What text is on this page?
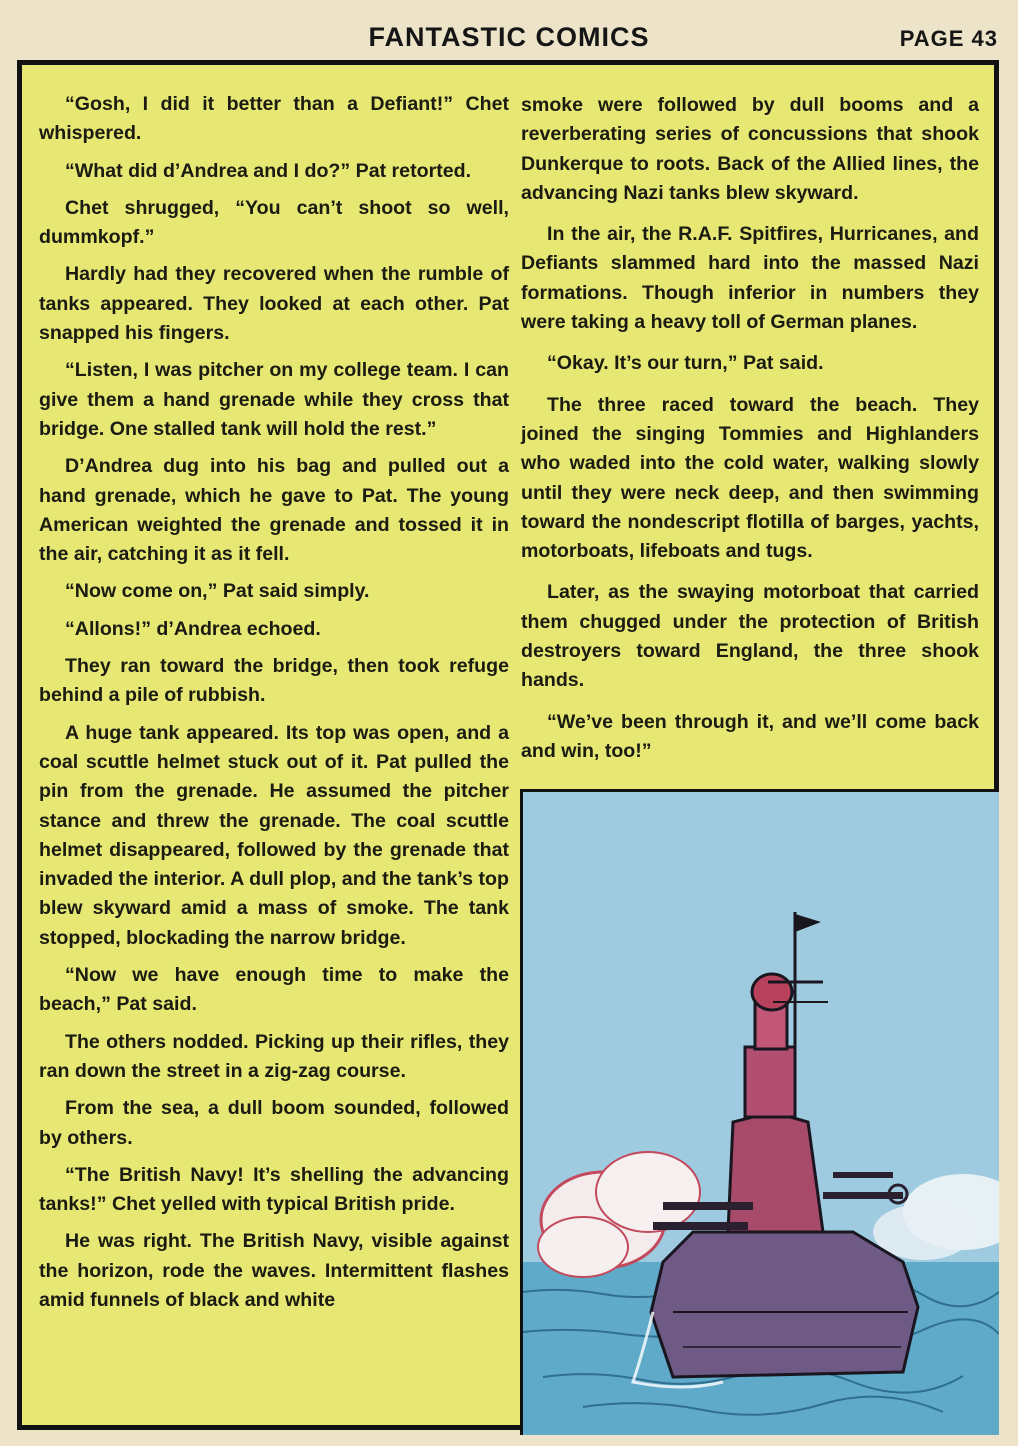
FANTASTIC COMICS	PAGE 43

“Gosh, I did it better than a Defiant!” Chet whispered.

“What did d’Andrea and I do?” Pat retorted.

Chet shrugged, “You can’t shoot so well, dummkopf.”

Hardly had they recovered when the rumble of tanks appeared. They looked at each other. Pat snapped his fingers.

“Listen, I was pitcher on my college team. I can give them a hand grenade while they cross that bridge. One stalled tank will hold the rest.”

D’Andrea dug into his bag and pulled out a hand grenade, which he gave to Pat. The young American weighted the grenade and tossed it in the air, catching it as it fell.

“Now come on,” Pat said simply.

“Allons!” d’Andrea echoed.

They ran toward the bridge, then took refuge behind a pile of rubbish.

A huge tank appeared. Its top was open, and a coal scuttle helmet stuck out of it. Pat pulled the pin from the grenade. He assumed the pitcher stance and threw the grenade. The coal scuttle helmet disappeared, followed by the grenade that invaded the interior. A dull plop, and the tank’s top blew skyward amid a mass of smoke. The tank stopped, blockading the narrow bridge.

“Now we have enough time to make the beach,” Pat said.

The others nodded. Picking up their rifles, they ran down the street in a zig-zag course.

From the sea, a dull boom sounded, followed by others.

“The British Navy! It’s shelling the advancing tanks!” Chet yelled with typical British pride.

He was right. The British Navy, visible against the horizon, rode the waves. Intermittent flashes amid funnels of black and white

smoke were followed by dull booms and a reverberating series of concussions that shook Dunkerque to roots. Back of the Allied lines, the advancing Nazi tanks blew skyward.

In the air, the R.A.F. Spitfires, Hurricanes, and Defiants slammed hard into the massed Nazi formations. Though inferior in numbers they were taking a heavy toll of German planes.

“Okay. It’s our turn,” Pat said.

The three raced toward the beach. They joined the singing Tommies and Highlanders who waded into the cold water, walking slowly until they were neck deep, and then swimming toward the nondescript flotilla of barges, yachts, motorboats, lifeboats and tugs.

Later, as the swaying motorboat that carried them chugged under the protection of British destroyers toward England, the three shook hands.

“We’ve been through it, and we’ll come back and win, too!”
